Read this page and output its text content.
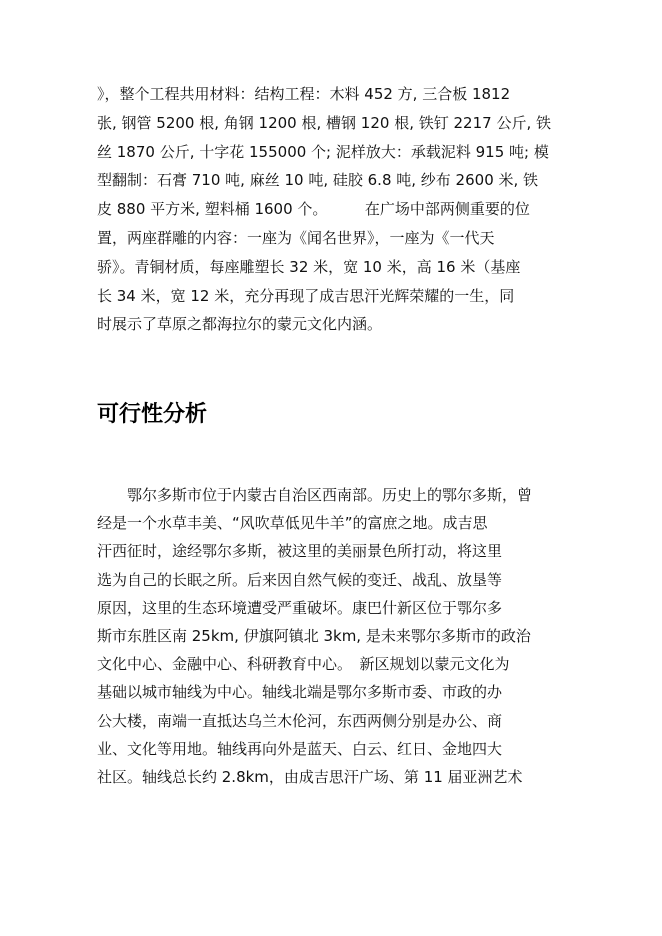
》，整个工程共用材料：结构工程：木料 452 方, 三合板 1812
张, 钢管 5200 根, 角钢 1200 根, 槽钢 120 根, 铁钉 2217 公斤, 铁
丝 1870 公斤, 十字花 155000 个; 泥样放大：承载泥料 915 吨; 模
型翻制：石膏 710 吨, 麻丝 10 吨, 硅胶 6.8 吨, 纱布 2600 米, 铁
皮 880 平方米, 塑料桶 1600 个。　　　在广场中部两侧重要的位
置，两座群雕的内容：一座为《闻名世界》，一座为《一代天
骄》。青铜材质，每座雕塑长 32 米，宽 10 米，高 16 米（基座
长 34 米，宽 12 米，充分再现了成吉思汗光辉荣耀的一生，同
时展示了草原之都海拉尔的蒙元文化内涵。
可行性分析
鄂尔多斯市位于内蒙古自治区西南部。历史上的鄂尔多斯，曾
经是一个水草丰美、“风吹草低见牛羊”的富庶之地。成吉思
汗西征时，途经鄂尔多斯，被这里的美丽景色所打动，将这里
选为自己的长眠之所。后来因自然气候的变迁、战乱、放垦等
原因，这里的生态环境遭受严重破坏。康巴什新区位于鄂尔多
斯市东胜区南 25km, 伊旗阿镇北 3km, 是未来鄂尔多斯市的政治
文化中心、金融中心、科研教育中心。　新区规划以蒙元文化为
基础以城市轴线为中心。轴线北端是鄂尔多斯市委、市政的办
公大楼，南端一直抵达乌兰木伦河，东西两侧分别是办公、商
业、文化等用地。轴线再向外是蓝天、白云、红日、金地四大
社区。轴线总长约 2.8km，由成吉思汗广场、第 11 届亚洲艺术
